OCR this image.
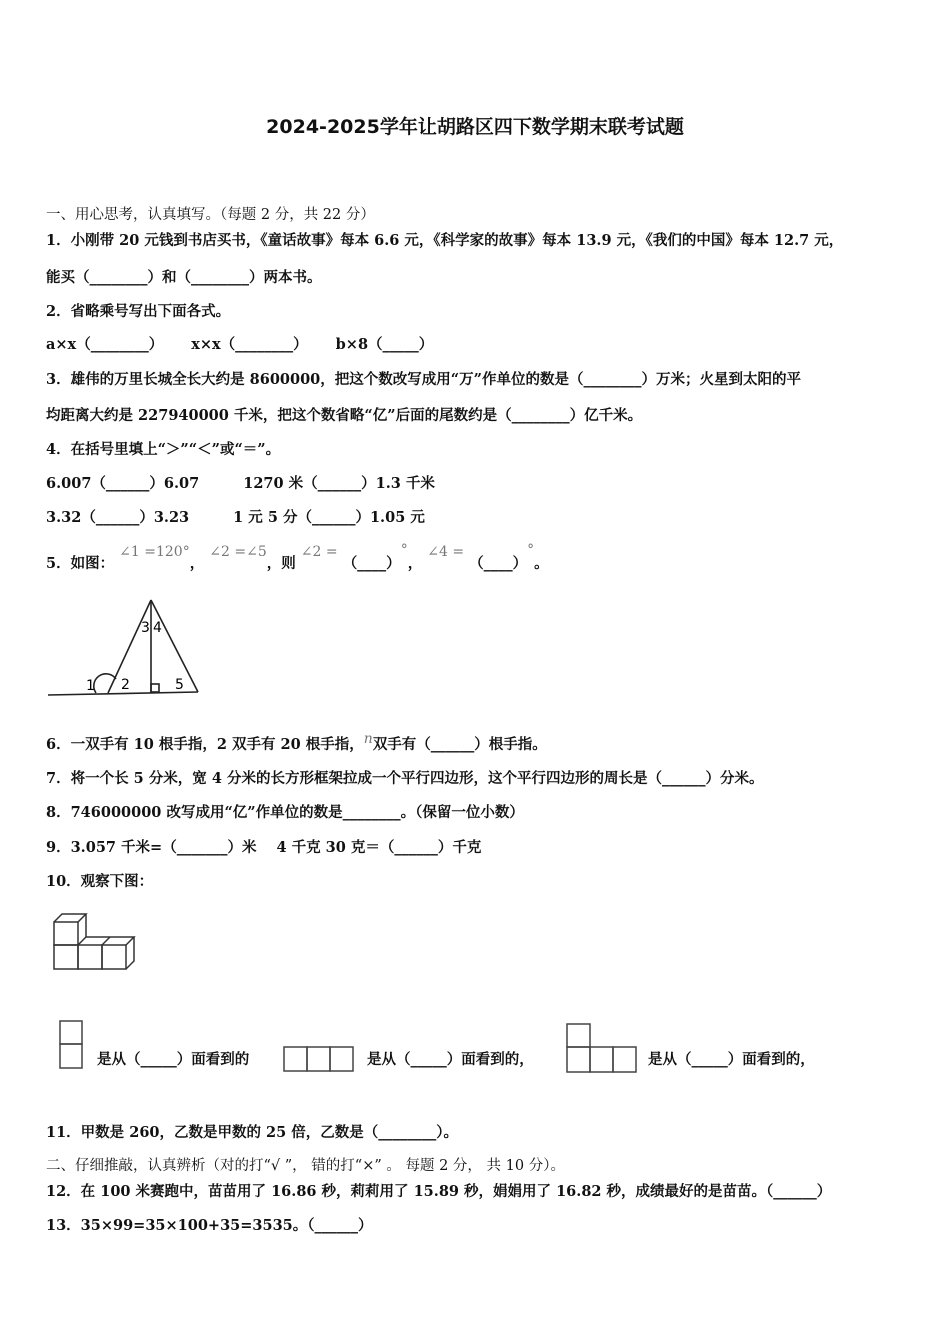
2024-2025学年让胡路区四下数学期末联考试题
一、用心思考，认真填写。（每题 2 分，共 22 分）
1．小刚带 20 元钱到书店买书，《童话故事》每本 6.6 元，《科学家的故事》每本 13.9 元，《我们的中国》每本 12.7 元，
能买（________）和（________）两本书。
2．省略乘号写出下面各式。
a×x（________） x×x（________） b×8（_____）
3．雄伟的万里长城全长大约是 8600000，把这个数改写成用“万”作单位的数是（________）万米；火星到太阳的平
均距离大约是 227940000 千米，把这个数省略“亿”后面的尾数约是（________）亿千米。
4．在括号里填上“＞”“＜”或“＝”。
6.007（______）6.07	1270 米（______）1.3 千米
3.32（______）3.23	1 元 5 分（______）1.05 元
5．如图： ∠1 =120°， ∠2 =∠5，则 ∠2 = （____）°， ∠4 = （____）°。
3 4
1 2	5
6．一双手有 10 根手指，2 双手有 20 根手指，n双手有（______）根手指。
7．将一个长 5 分米，宽 4 分米的长方形框架拉成一个平行四边形，这个平行四边形的周长是（______）分米。
8．746000000 改写成用“亿”作单位的数是________。（保留一位小数）
9．3.057 千米=（_______）米 4 千克 30 克＝（______）千克
10．观察下图：
是从（_____）面看到的	是从（_____）面看到的，	是从（_____）面看到的，
11．甲数是 260，乙数是甲数的 25 倍，乙数是（________）。
二、仔细推敲，认真辨析（对的打“√ ”， 错的打“×” 。 每题 2 分， 共 10 分）。
12．在 100 米赛跑中，苗苗用了 16.86 秒，莉莉用了 15.89 秒，娟娟用了 16.82 秒，成绩最好的是苗苗。（______）
13．35×99=35×100+35=3535。（______）
